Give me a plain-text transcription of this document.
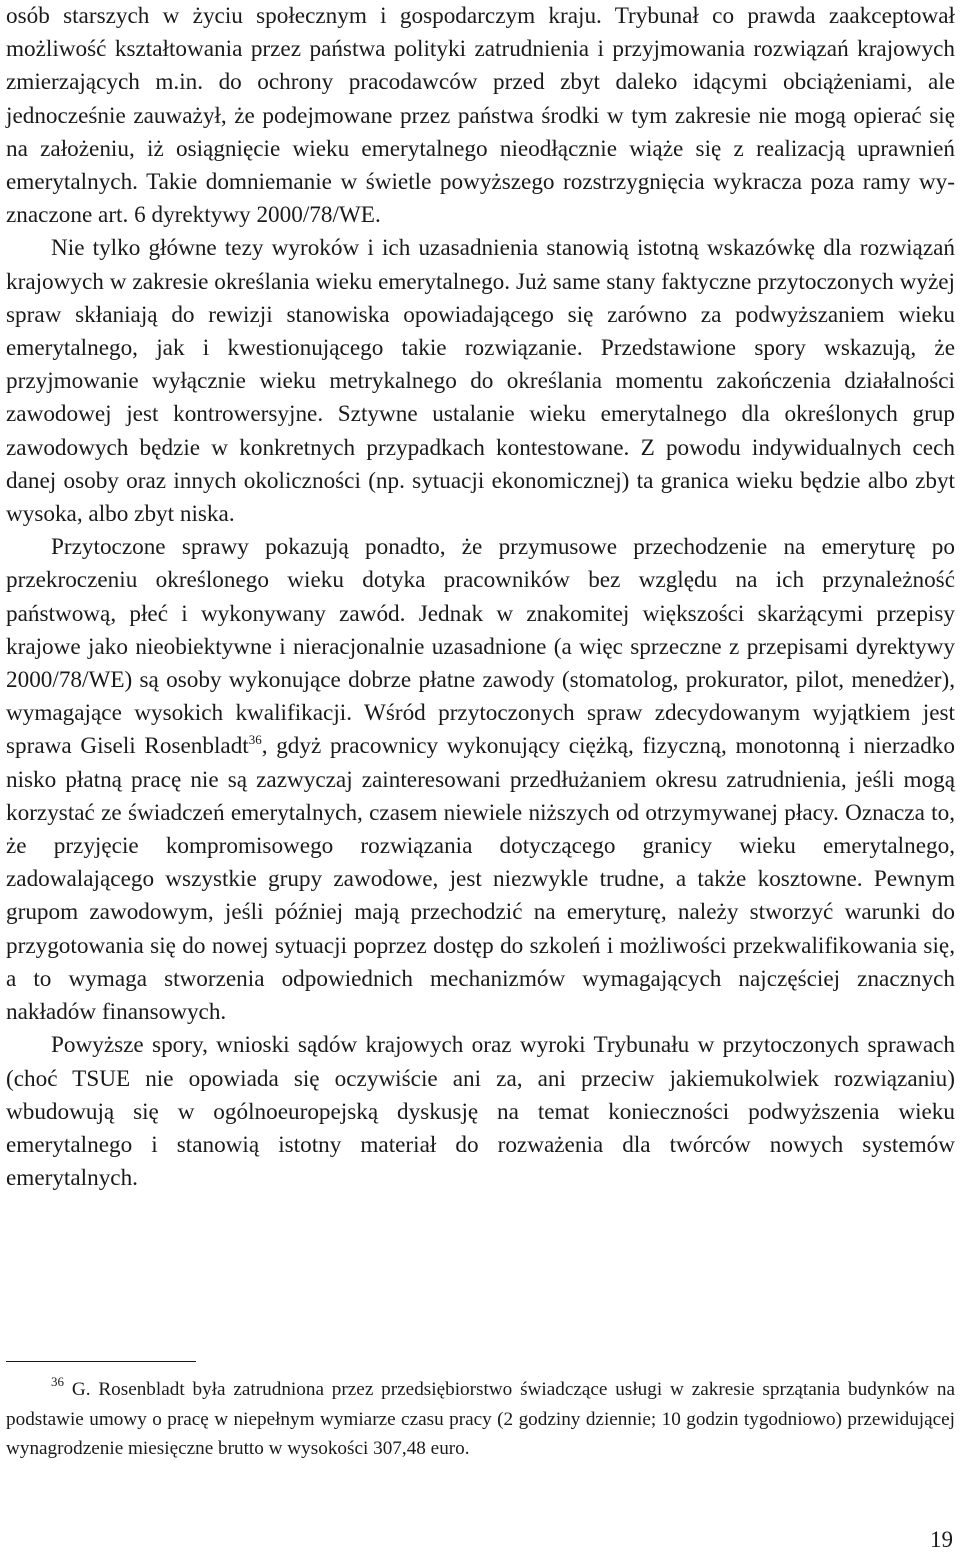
osób starszych w życiu społecznym i gospodarczym kraju. Trybunał co prawda zaakceptował możliwość kształtowania przez państwa polityki zatrudnienia i przyjmowania rozwiązań krajowych zmierzających m.in. do ochrony pracodawców przed zbyt daleko idącymi obciążeniami, ale jednocześnie zauważył, że podejmowane przez państwa środki w tym zakresie nie mogą opierać się na założeniu, iż osiągnięcie wieku emerytalnego nieodłącznie wiąże się z realizacją uprawnień emerytalnych. Takie domniemanie w świetle powyższego rozstrzygnięcia wykracza poza ramy wyznaczone art. 6 dyrektywy 2000/78/WE.

Nie tylko główne tezy wyroków i ich uzasadnienia stanowią istotną wskazówkę dla rozwiązań krajowych w zakresie określania wieku emerytalnego. Już same stany faktyczne przytoczonych wyżej spraw skłaniają do rewizji stanowiska opowiadającego się zarówno za podwyższaniem wieku emerytalnego, jak i kwestionującego takie rozwiązanie. Przedstawione spory wskazują, że przyjmowanie wyłącznie wieku metrykalnego do określania momentu zakończenia działalności zawodowej jest kontrowersyjne. Sztywne ustalanie wieku emerytalnego dla określonych grup zawodowych będzie w konkretnych przypadkach kontestowane. Z powodu indywidualnych cech danej osoby oraz innych okoliczności (np. sytuacji ekonomicznej) ta granica wieku będzie albo zbyt wysoka, albo zbyt niska.

Przytoczone sprawy pokazują ponadto, że przymusowe przechodzenie na emeryturę po przekroczeniu określonego wieku dotyka pracowników bez względu na ich przynależność państwową, płeć i wykonywany zawód. Jednak w znakomitej większości skarżącymi przepisy krajowe jako nieobiektywne i nieracjonalnie uzasadnione (a więc sprzeczne z przepisami dyrektywy 2000/78/WE) są osoby wykonujące dobrze płatne zawody (stomatolog, prokurator, pilot, menedżer), wymagające wysokich kwalifikacji. Wśród przytoczonych spraw zdecydowanym wyjątkiem jest sprawa Giseli Rosenbladt$^{36}$, gdyż pracownicy wykonujący ciężką, fizyczną, monotonną i nierzadko nisko płatną pracę nie są zazwyczaj zainteresowani przedłużaniem okresu zatrudnienia, jeśli mogą korzystać ze świadczeń emerytalnych, czasem niewiele niższych od otrzymywanej płacy. Oznacza to, że przyjęcie kompromisowego rozwiązania dotyczącego granicy wieku emerytalnego, zadowalającego wszystkie grupy zawodowe, jest niezwykle trudne, a także kosztowne. Pewnym grupom zawodowym, jeśli później mają przechodzić na emeryturę, należy stworzyć warunki do przygotowania się do nowej sytuacji poprzez dostęp do szkoleń i możliwości przekwalifikowania się, a to wymaga stworzenia odpowiednich mechanizmów wymagających najczęściej znacznych nakładów finansowych.

Powyższe spory, wnioski sądów krajowych oraz wyroki Trybunału w przytoczonych sprawach (choć TSUE nie opowiada się oczywiście ani za, ani przeciw jakiemukolwiek rozwiązaniu) wbudowują się w ogólnoeuropejską dyskusję na temat konieczności podwyższenia wieku emerytalnego i stanowią istotny materiał do rozważenia dla twórców nowych systemów emerytalnych.

$^{36}$ G. Rosenbladt była zatrudniona przez przedsiębiorstwo świadczące usługi w zakresie sprzątania budynków na podstawie umowy o pracę w niepełnym wymiarze czasu pracy (2 godziny dziennie; 10 godzin tygodniowo) przewidującej wynagrodzenie miesięczne brutto w wysokości 307,48 euro.

19
